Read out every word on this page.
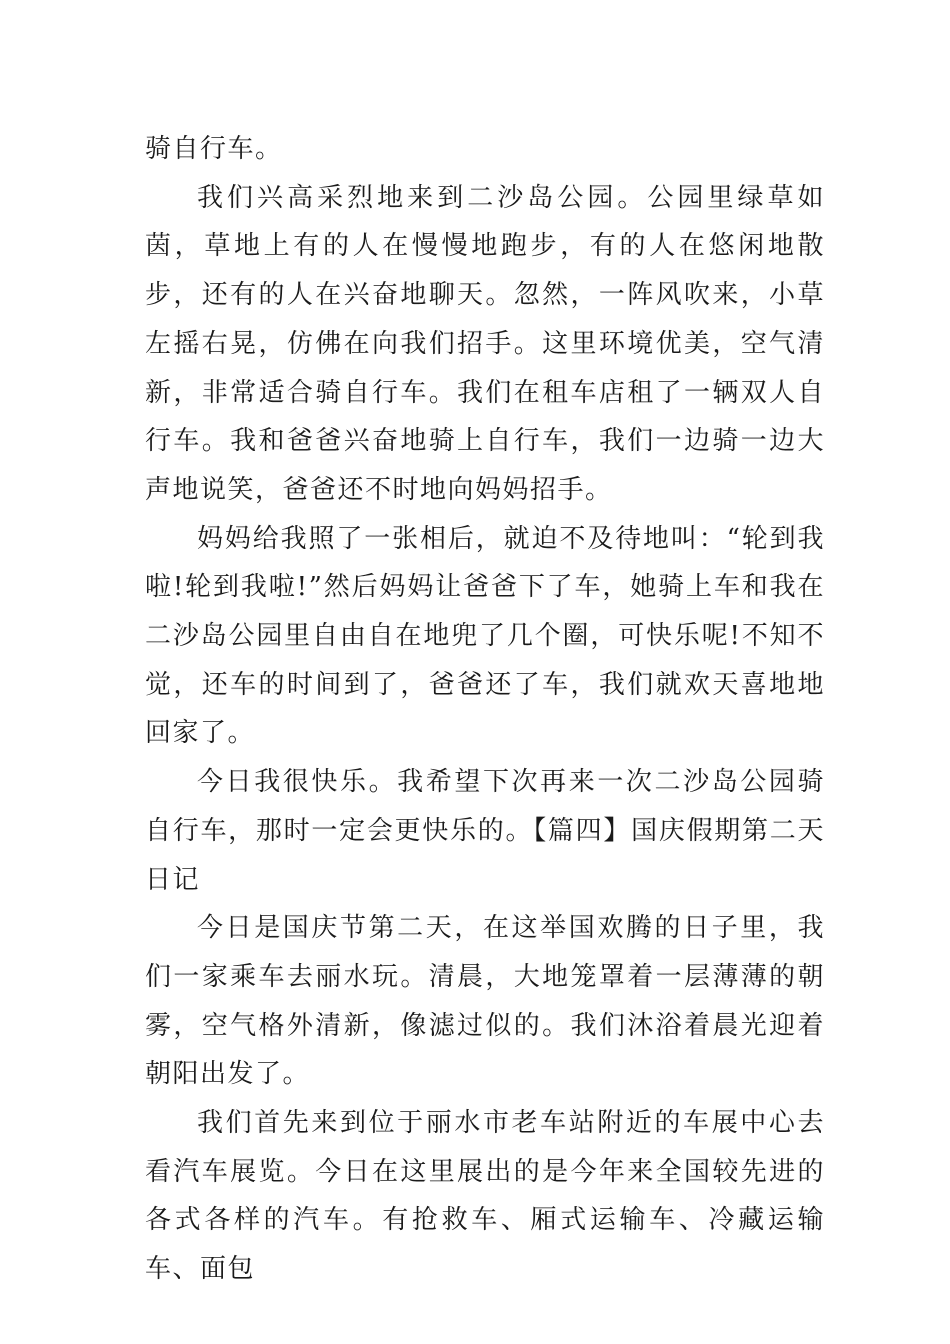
骑自行车。

我们兴高采烈地来到二沙岛公园。公园里绿草如茵，草地上有的人在慢慢地跑步，有的人在悠闲地散步，还有的人在兴奋地聊天。忽然，一阵风吹来，小草左摇右晃，仿佛在向我们招手。这里环境优美，空气清新，非常适合骑自行车。我们在租车店租了一辆双人自行车。我和爸爸兴奋地骑上自行车，我们一边骑一边大声地说笑，爸爸还不时地向妈妈招手。

妈妈给我照了一张相后，就迫不及待地叫：“轮到我啦!轮到我啦!”然后妈妈让爸爸下了车，她骑上车和我在二沙岛公园里自由自在地兜了几个圈，可快乐呢!不知不觉，还车的时间到了，爸爸还了车，我们就欢天喜地地回家了。

今日我很快乐。我希望下次再来一次二沙岛公园骑自行车，那时一定会更快乐的。【篇四】国庆假期第二天日记

今日是国庆节第二天，在这举国欢腾的日子里，我们一家乘车去丽水玩。清晨，大地笼罩着一层薄薄的朝雾，空气格外清新，像滤过似的。我们沐浴着晨光迎着朝阳出发了。

我们首先来到位于丽水市老车站附近的车展中心去看汽车展览。今日在这里展出的是今年来全国较先进的各式各样的汽车。有抢救车、厢式运输车、冷藏运输车、面包
